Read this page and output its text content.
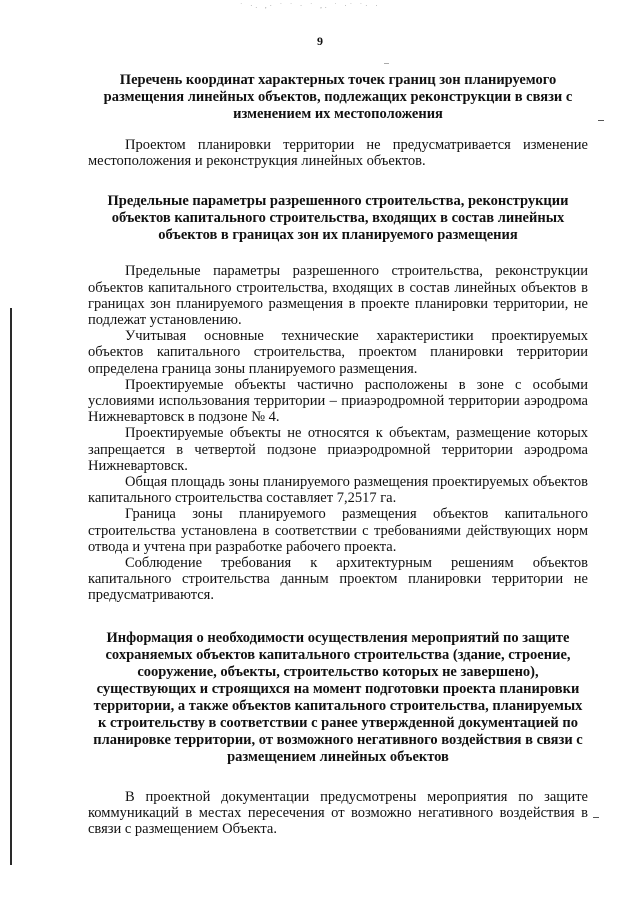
˙ ·. ,· ˙ ˙ · ˙ ,. ˙ ·˙ ˙· ·
9

Перечень координат характерных точек границ зон планируемого размещения линейных объектов, подлежащих реконструкции в связи с изменением их местоположения

Проектом планировки территории не предусматривается изменение местоположения и реконструкция линейных объектов.

Предельные параметры разрешенного строительства, реконструкции объектов капитального строительства, входящих в состав линейных объектов в границах зон их планируемого размещения

Предельные параметры разрешенного строительства, реконструкции объектов капитального строительства, входящих в состав линейных объектов в границах зон планируемого размещения в проекте планировки территории, не подлежат установлению.

Учитывая основные технические характеристики проектируемых объектов капитального строительства, проектом планировки территории определена граница зоны планируемого размещения.

Проектируемые объекты частично расположены в зоне с особыми условиями использования территории – приаэродромной территории аэродрома Нижневартовск в подзоне № 4.

Проектируемые объекты не относятся к объектам, размещение которых запрещается в четвертой подзоне приаэродромной территории аэродрома Нижневартовск.

Общая площадь зоны планируемого размещения проектируемых объектов капитального строительства составляет 7,2517 га.

Граница зоны планируемого размещения объектов капитального строительства установлена в соответствии с требованиями действующих норм отвода и учтена при разработке рабочего проекта.

Соблюдение требования к архитектурным решениям объектов капитального строительства данным проектом планировки территории не предусматриваются.

Информация о необходимости осуществления мероприятий по защите сохраняемых объектов капитального строительства (здание, строение, сооружение, объекты, строительство которых не завершено), существующих и строящихся на момент подготовки проекта планировки территории, а также объектов капитального строительства, планируемых к строительству в соответствии с ранее утвержденной документацией по планировке территории, от возможного негативного воздействия в связи с размещением линейных объектов

В проектной документации предусмотрены мероприятия по защите коммуникаций в местах пересечения от возможно негативного воздействия в связи с размещением Объекта.
